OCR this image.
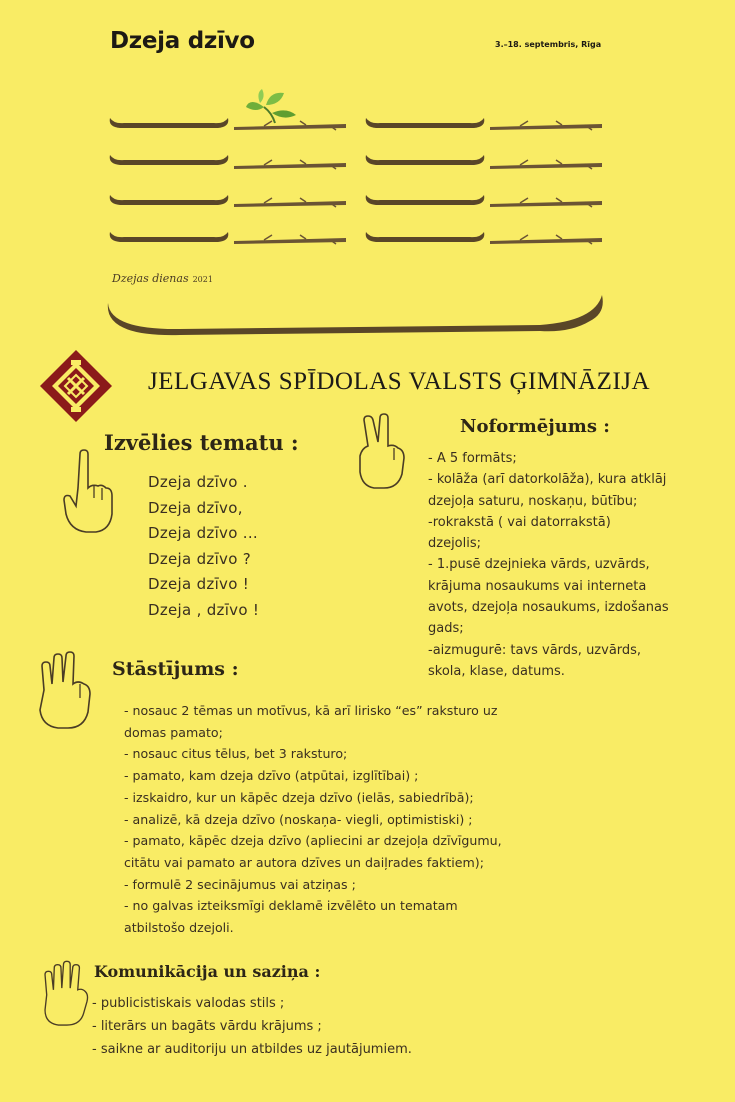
Dzeja dzīvo	3.–18. septembris, Rīga
Dzejas dienas 2021
JELGAVAS SPĪDOLAS VALSTS ĢIMNĀZIJA
Izvēlies tematu :
Dzeja dzīvo .
Dzeja dzīvo,
Dzeja dzīvo ...
Dzeja dzīvo ?
Dzeja dzīvo !
Dzeja , dzīvo !
Noformējums :
- A 5 formāts;
- kolāža (arī datorkolāža), kura atklāj
dzejoļa saturu, noskaņu, būtību;
-rokrakstā ( vai datorrakstā)
dzejolis;
- 1.pusē dzejnieka vārds, uzvārds,
krājuma nosaukums vai interneta
avots, dzejoļa nosaukums, izdošanas
gads;
-aizmugurē: tavs vārds, uzvārds,
skola, klase, datums.
Stāstījums :
- nosauc 2 tēmas un motīvus, kā arī lirisko “es” raksturo uz
domas pamato;
- nosauc citus tēlus, bet 3 raksturo;
- pamato, kam dzeja dzīvo (atpūtai, izglītībai) ;
- izskaidro, kur un kāpēc dzeja dzīvo (ielās, sabiedrībā);
- analizē, kā dzeja dzīvo (noskaņa- viegli, optimistiski) ;
- pamato, kāpēc dzeja dzīvo (apliecini ar dzejoļa dzīvīgumu,
citātu vai pamato ar autora dzīves un daiļrades faktiem);
- formulē 2 secinājumus vai atziņas ;
- no galvas izteiksmīgi deklamē izvēlēto un tematam
atbilstošo dzejoli.
Komunikācija un saziņa :
- publicistiskais valodas stils ;
- literārs un bagāts vārdu krājums ;
- saikne ar auditoriju un atbildes uz jautājumiem.
